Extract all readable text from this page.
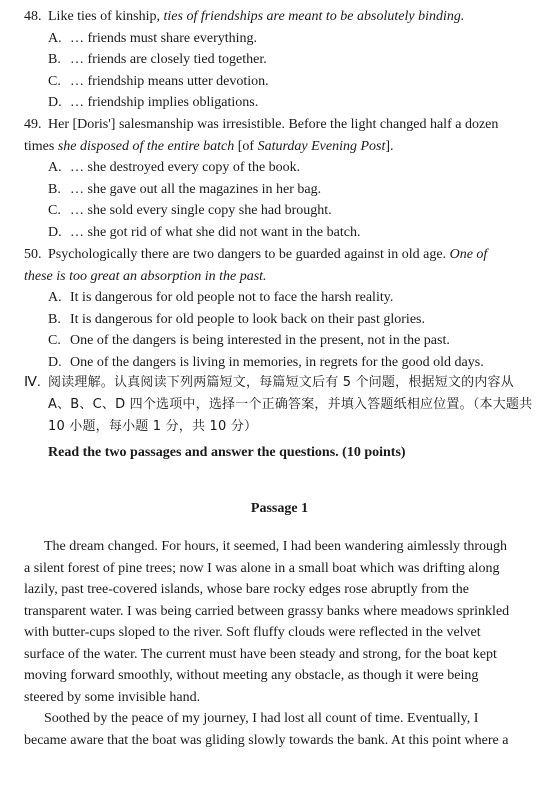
48. Like ties of kinship, ties of friendships are meant to be absolutely binding.
A. … friends must share everything.
B. … friends are closely tied together.
C. … friendship means utter devotion.
D. … friendship implies obligations.
49. Her [Doris'] salesmanship was irresistible. Before the light changed half a dozen
times she disposed of the entire batch [of Saturday Evening Post].
A. … she destroyed every copy of the book.
B. … she gave out all the magazines in her bag.
C. … she sold every single copy she had brought.
D. … she got rid of what she did not want in the batch.
50. Psychologically there are two dangers to be guarded against in old age. One of
these is too great an absorption in the past.
A. It is dangerous for old people not to face the harsh reality.
B. It is dangerous for old people to look back on their past glories.
C. One of the dangers is being interested in the present, not in the past.
D. One of the dangers is living in memories, in regrets for the good old days.
Ⅳ. 阅读理解。认真阅读下列两篇短文，每篇短文后有 5 个问题，根据短文的内容从
A、B、C、D 四个选项中，选择一个正确答案，并填入答题纸相应位置。（本大题共
10 小题，每小题 1 分，共 10 分）
Read the two passages and answer the questions. (10 points)
Passage 1
The dream changed. For hours, it seemed, I had been wandering aimlessly through
a silent forest of pine trees; now I was alone in a small boat which was drifting along
lazily, past tree-covered islands, whose bare rocky edges rose abruptly from the
transparent water. I was being carried between grassy banks where meadows sprinkled
with butter-cups sloped to the river. Soft fluffy clouds were reflected in the velvet
surface of the water. The current must have been steady and strong, for the boat kept
moving forward smoothly, without meeting any obstacle, as though it were being
steered by some invisible hand.
Soothed by the peace of my journey, I had lost all count of time. Eventually, I
became aware that the boat was gliding slowly towards the bank. At this point where a
